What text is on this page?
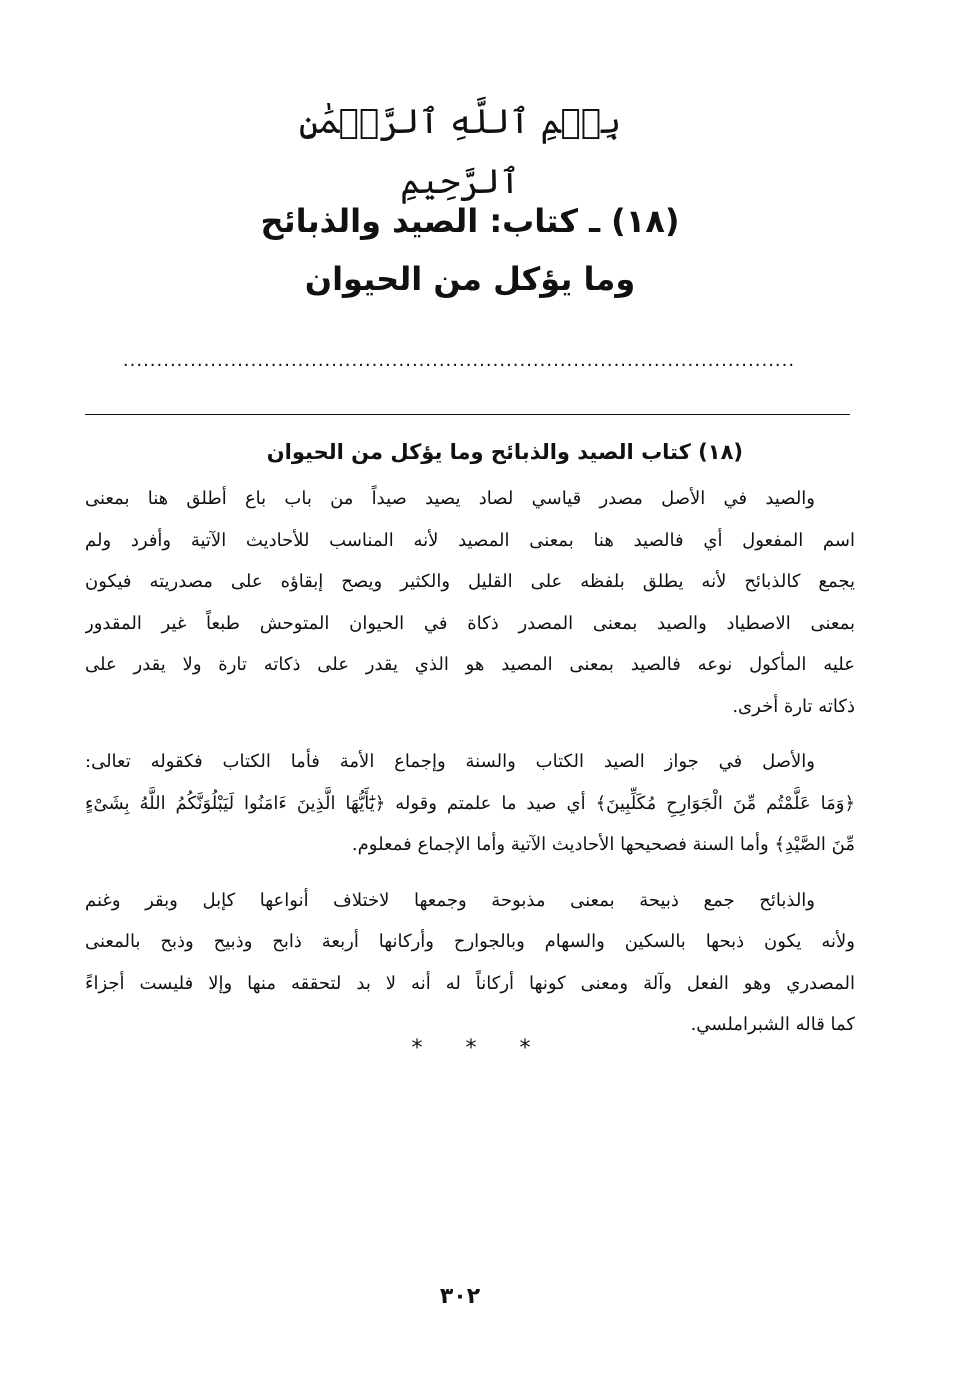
بِسۡمِ ٱللَّهِ ٱلرَّحۡمَٰنِ ٱلرَّحِيمِ
(١٨) ـ كتاب: الصيد والذبائح
وما يؤكل من الحيوان
....................................................................................................
(١٨) كتاب الصيد والذبائح وما يؤكل من الحيوان

والصيد في الأصل مصدر قياسي لصاد يصيد صيداً من باب باع أطلق هنا بمعنى
اسم المفعول أي فالصيد هنا بمعنى المصيد لأنه المناسب للأحاديث الآتية وأفرد ولم
يجمع كالذبائح لأنه يطلق بلفظه على القليل والكثير ويصح إبقاؤه على مصدريته فيكون
بمعنى الاصطياد والصيد بمعنى المصدر ذكاة في الحيوان المتوحش طبعاً غير المقدور
عليه المأكول نوعه فالصيد بمعنى المصيد هو الذي يقدر على ذكاته تارة ولا يقدر على
ذكاته تارة أخرى.

والأصل في جواز الصيد الكتاب والسنة وإجماع الأمة فأما الكتاب فكقوله تعالى:
﴿وَمَا عَلَّمْتُم مِّنَ الْجَوَارِحِ مُكَلِّبِينَ﴾ أي صيد ما علمتم وقوله ﴿يَٰٓأَيُّهَا الَّذِينَ ءَامَنُوا لَيَبْلُوَنَّكُمُ اللَّهُ بِشَىْءٍ
مِّنَ الصَّيْدِ﴾ وأما السنة فصحيحها الأحاديث الآتية وأما الإجماع فمعلوم.

والذبائح جمع ذبيحة بمعنى مذبوحة وجمعها لاختلاف أنواعها كإبل وبقر وغنم
ولأنه يكون ذبحها بالسكين والسهام وبالجوارح وأركانها أربعة ذابح وذبيح وذبح بالمعنى
المصدري وهو الفعل وآلة ومعنى كونها أركاناً له أنه لا بد لتحققه منها وإلا فليست أجزاءً
كما قاله الشبراملسي.

* * *
٣٠٢
